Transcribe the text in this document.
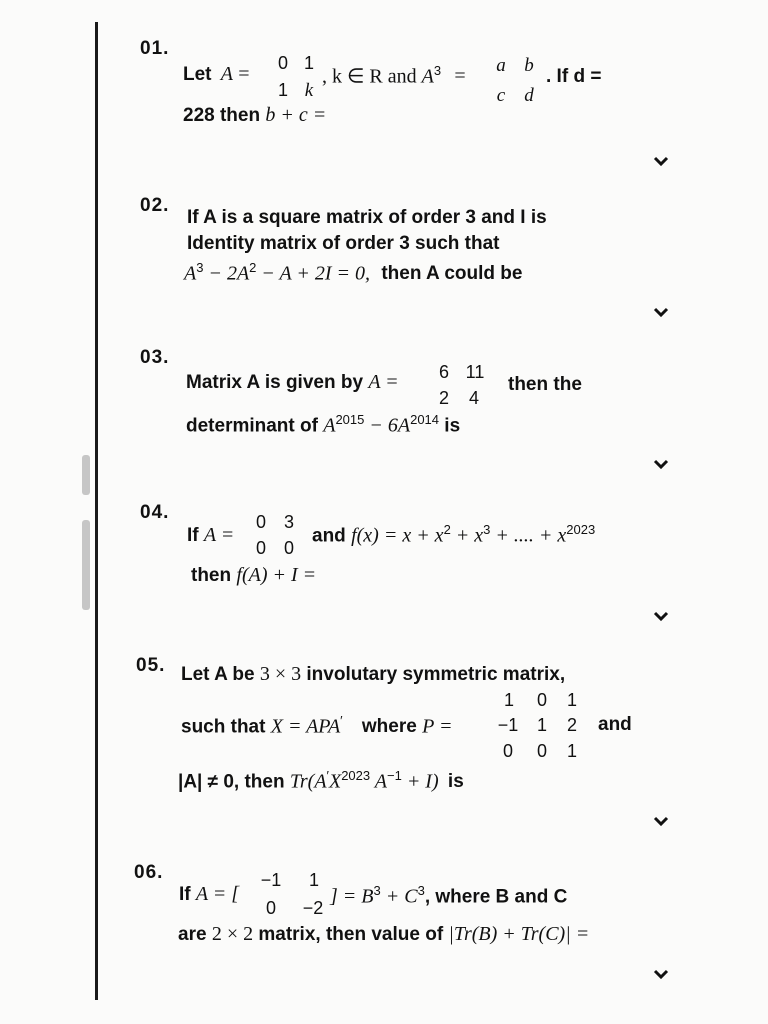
01.
Let A = 0 1
1 k
, k ∈ R and $A^3 = a$ b
c d
. If d =
228 then b + c =
02.
If A is a square matrix of order 3 and I is
Identity matrix of order 3 such that
$A^3 - 2A^2 - A + 2I = 0$, then A could be
03.
Matrix A is given by A = 6 11
2 4
then the
determinant of $A^{2015} - 6A^{2014}$ is
04.
If A =
0 3
0 0
and $f(x) = x + x^2 + x^3$ + .... + $x^{2023}$
then f(A) + I =
05. Let A be 3 × 3 involutary symmetric matrix,
1	0 1
such that X = APA′ where P =	−1 1 2 and
0 0 1
|A| ≠ 0, then $Tr(A'X^{2023}$ $A^{-1} + I$) is
06.
If A = [
−1 1
0 −2
] = $B^3 + C^3$, where B and C
are 2 × 2 matrix, then value of |Tr(B) + Tr(C)| =
